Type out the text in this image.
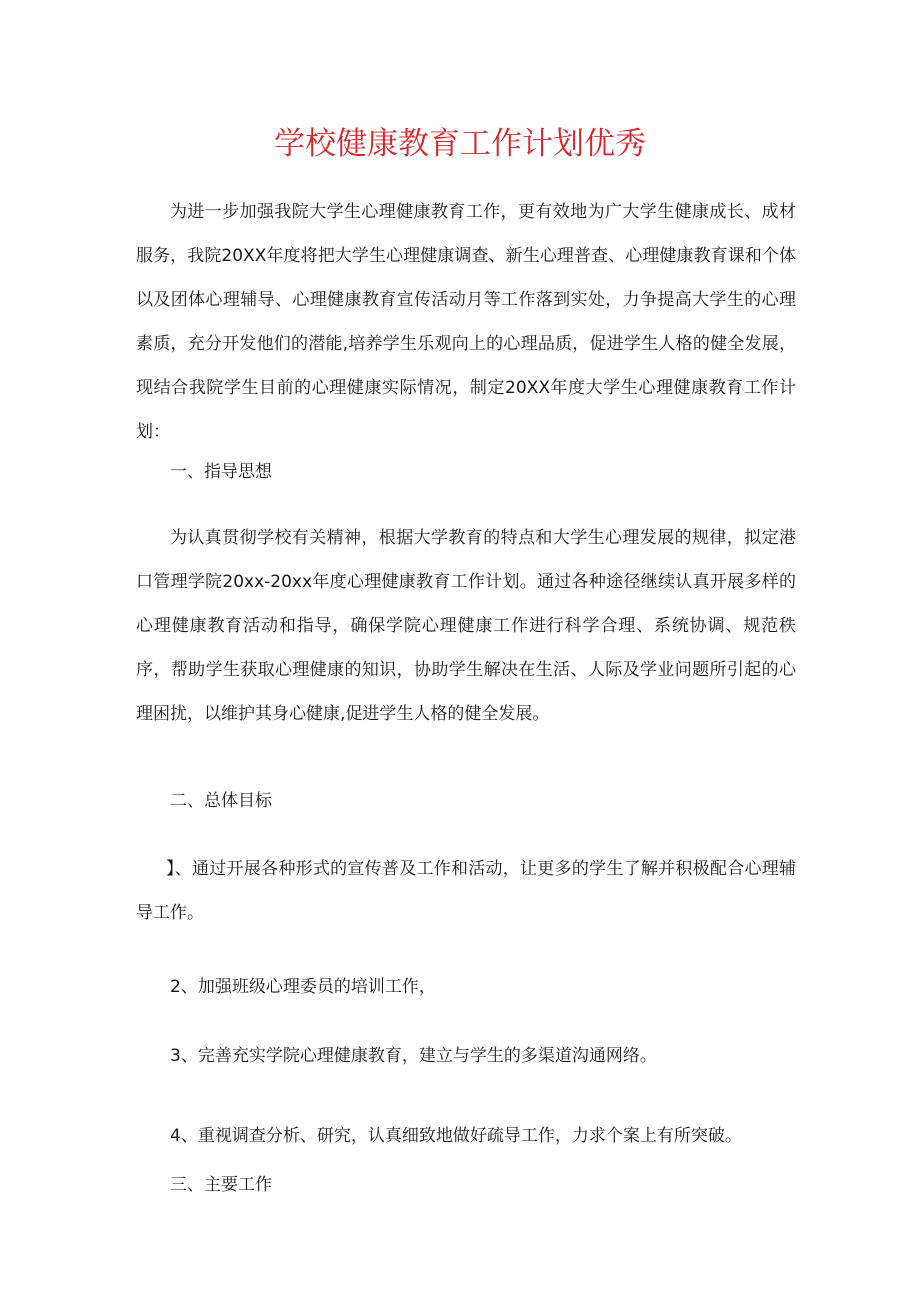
学校健康教育工作计划优秀

为进一步加强我院大学生心理健康教育工作，更有效地为广大学生健康成长、成材服务，我院20XX年度将把大学生心理健康调查、新生心理普查、心理健康教育课和个体以及团体心理辅导、心理健康教育宣传活动月等工作落到实处，力争提高大学生的心理素质，充分开发他们的潜能,培养学生乐观向上的心理品质，促进学生人格的健全发展，现结合我院学生目前的心理健康实际情况，制定20XX年度大学生心理健康教育工作计划：

一、指导思想

为认真贯彻学校有关精神，根据大学教育的特点和大学生心理发展的规律，拟定港口管理学院20xx-20xx年度心理健康教育工作计划。通过各种途径继续认真开展多样的心理健康教育活动和指导，确保学院心理健康工作进行科学合理、系统协调、规范秩序，帮助学生获取心理健康的知识，协助学生解决在生活、人际及学业问题所引起的心理困扰，以维护其身心健康,促进学生人格的健全发展。

二、总体目标

】、通过开展各种形式的宣传普及工作和活动，让更多的学生了解并积极配合心理辅导工作。

2、加强班级心理委员的培训工作，

3、完善充实学院心理健康教育，建立与学生的多渠道沟通网络。

4、重视调查分析、研究，认真细致地做好疏导工作，力求个案上有所突破。

三、主要工作
